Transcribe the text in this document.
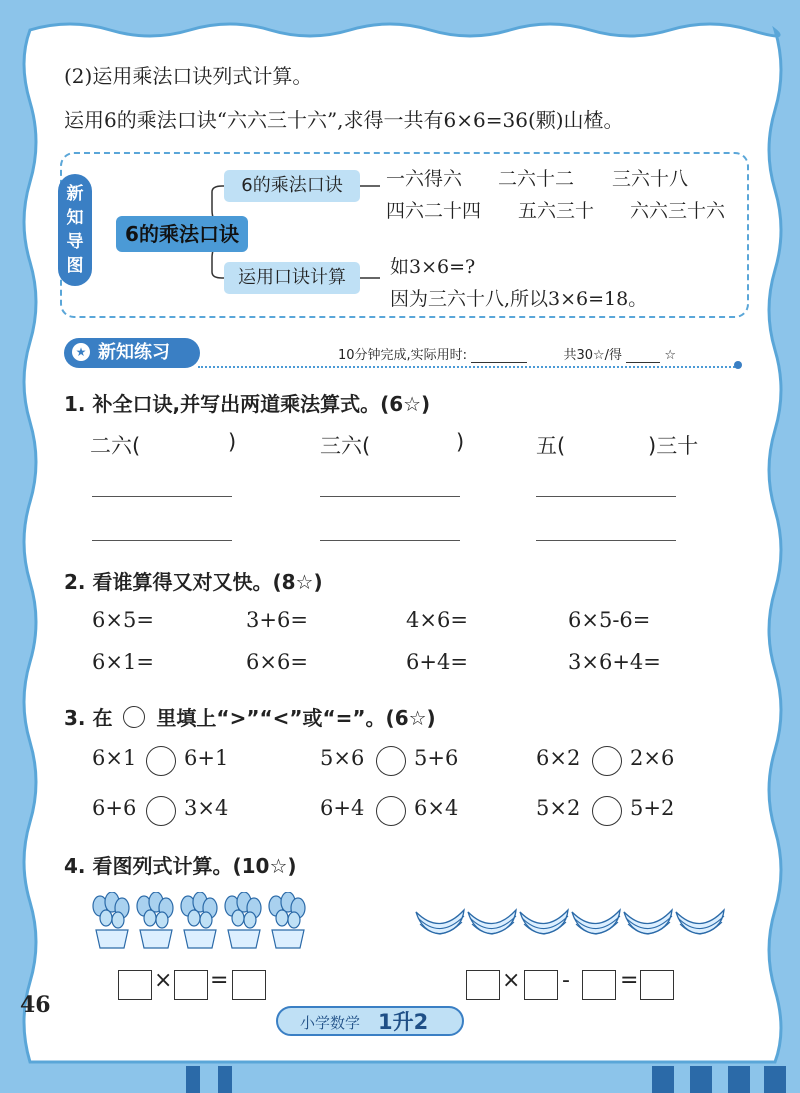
(2)运用乘法口诀列式计算。
运用6的乘法口诀“六六三十六”,求得一共有6×6=36(颗)山楂。
新
知
导
图
6的乘法口诀
6的乘法口诀
运用口诀计算
一六得六 二六十二 三六十八
四六二十四 五六三十 六六三十六
如3×6=?
因为三六十八,所以3×6=18。
★ 新知练习	10分钟完成,实际用时:	共30☆/得	☆
1. 补全口诀,并写出两道乘法算式。(6☆)
二六(	)	三六(	)	五(	)三十
2. 看谁算得又对又快。(8☆)
6×5=	3+6=	4×6=	6×5-6=
6×1=	6×6=	6+4=	3×6+4=
3. 在 里填上“>”“<”或“=”。(6☆)
6×1 6+1	5×6 5+6	6×2 2×6
6+6 3×4	6+4 6×4	5×2 5+2
4. 看图列式计算。(10☆)
× =	× - =
46
小学数学 1升2
